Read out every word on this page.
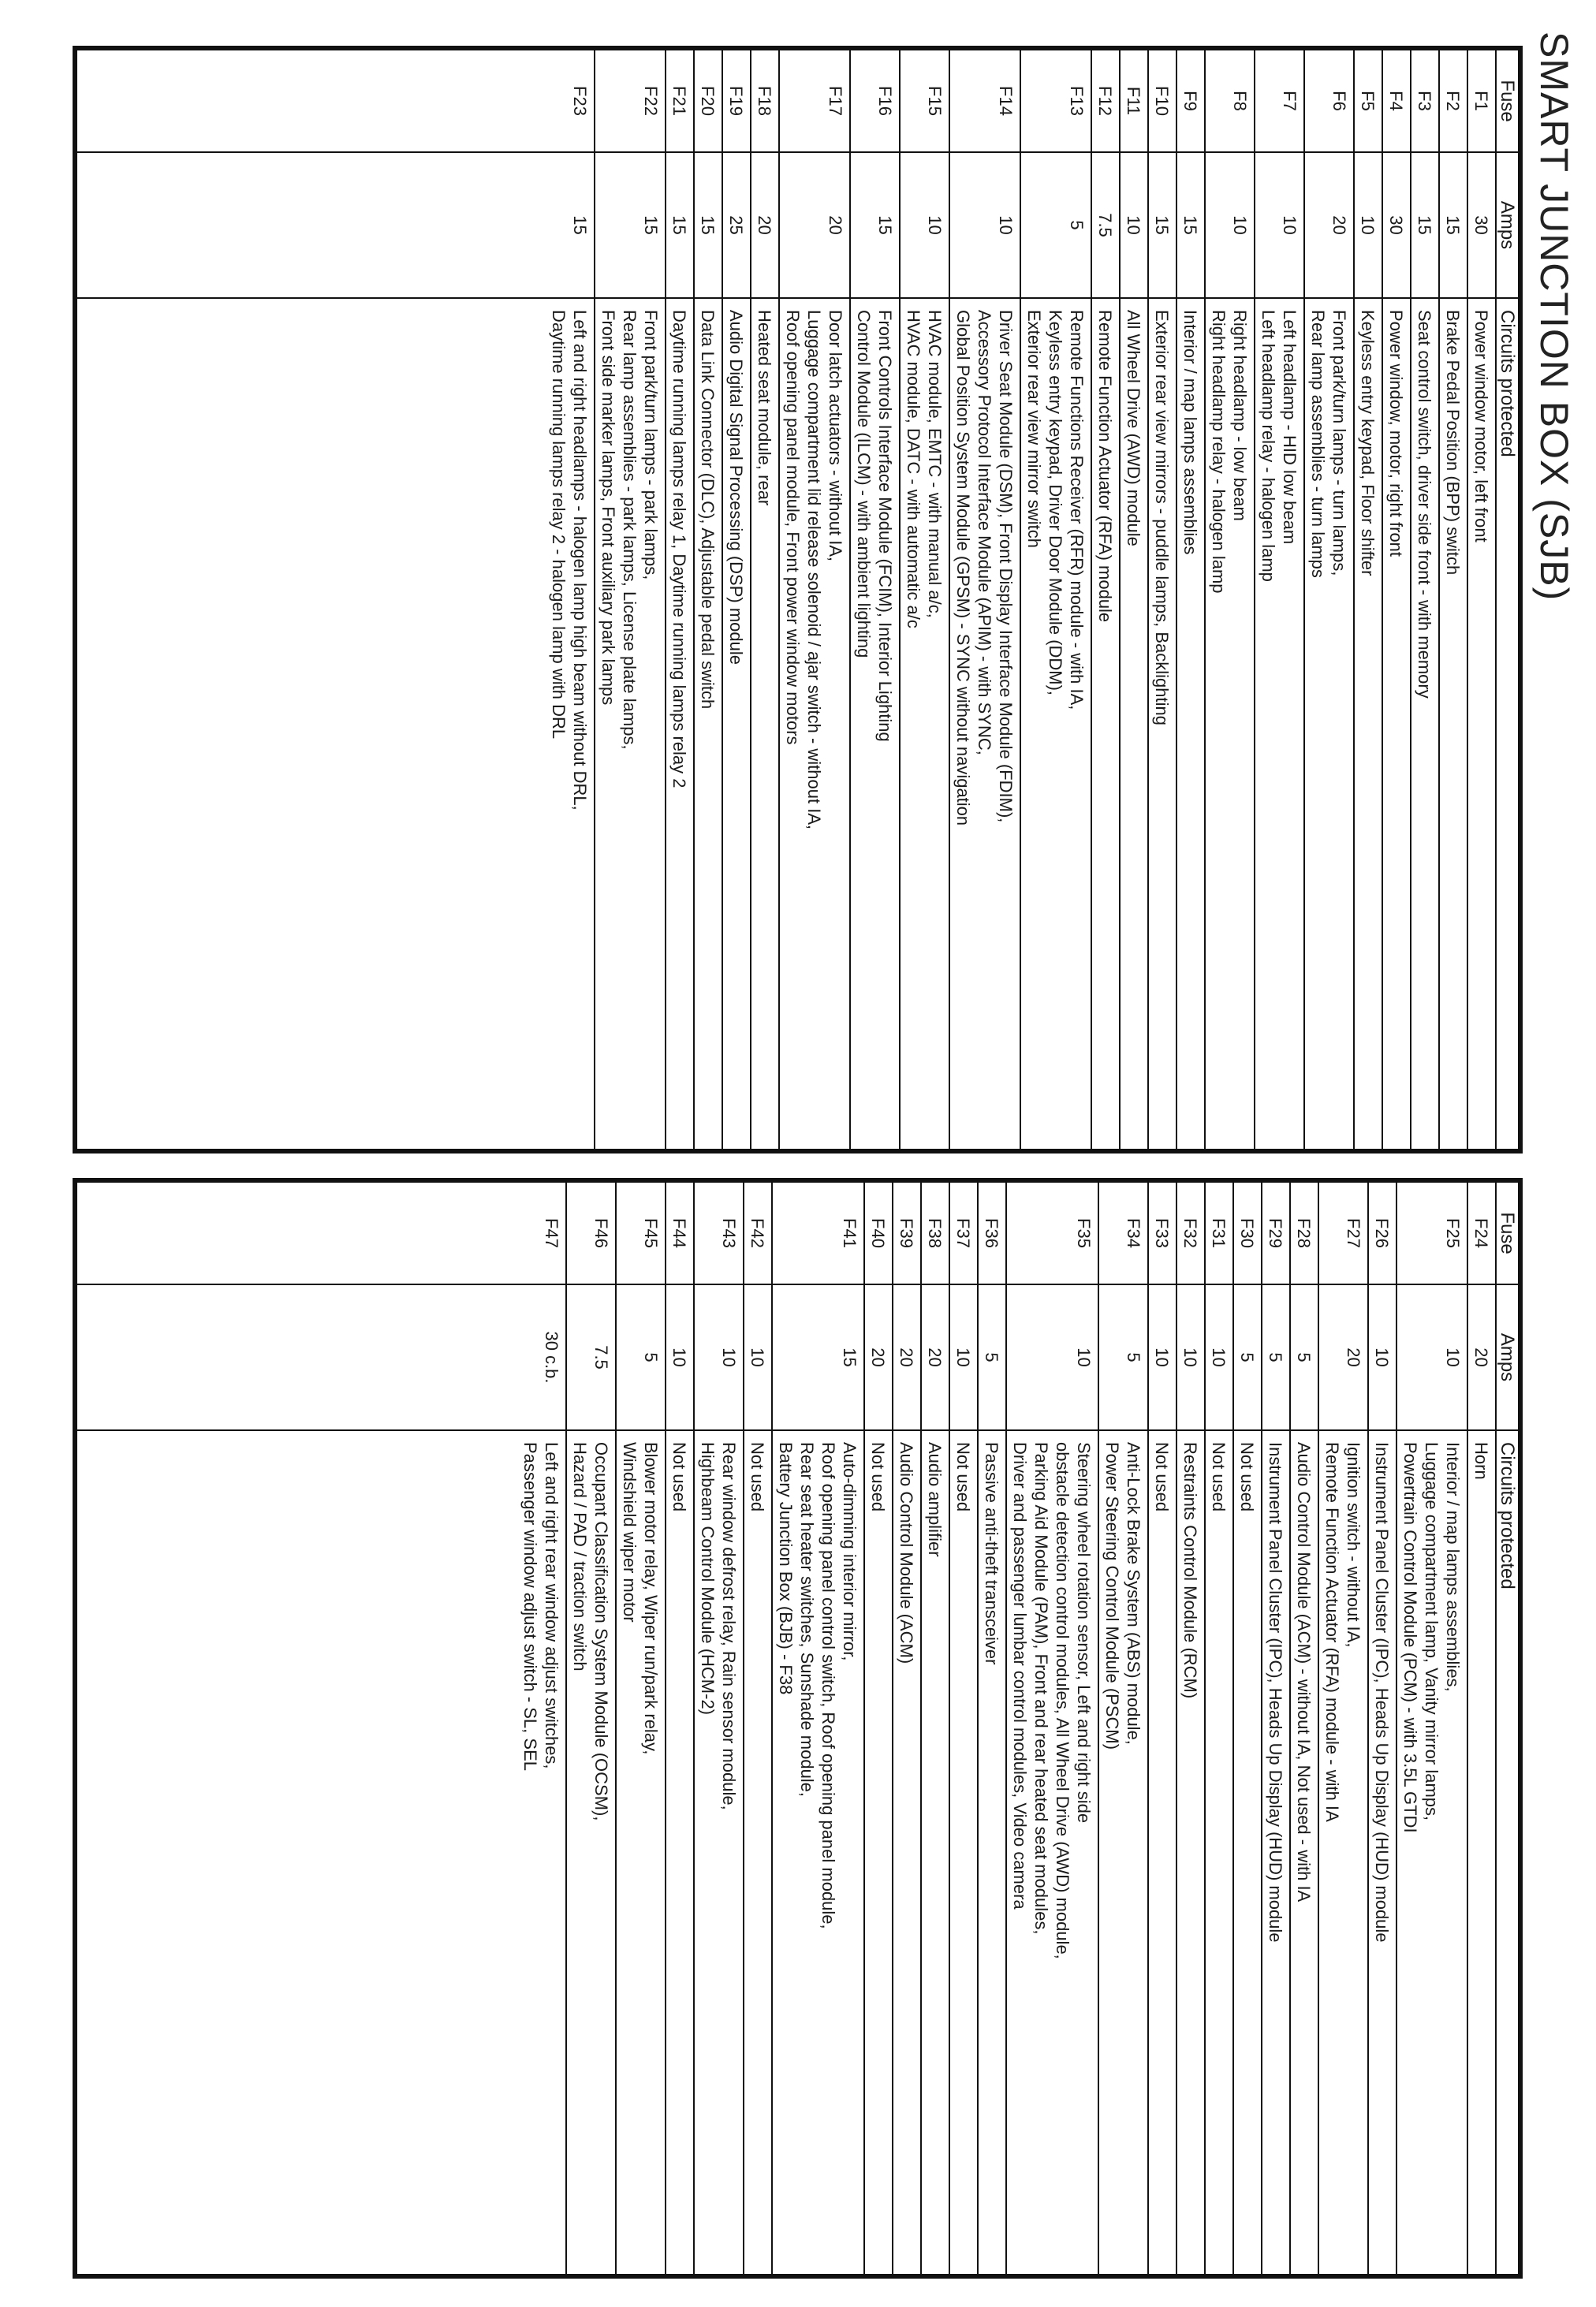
SMART JUNCTION BOX (SJB)
Fuse	Amps	Circuits protected
F1	30	Power window motor, left front

F2	15	Brake Pedal Position (BPP) switch

F3	15	Seat control switch, driver side front - with memory

F4	30	Power window, motor, right front

F5	10	Keyless entry keypad, Floor shifter

F6	20	Front park/turn lamps - turn lamps,
Rear lamp assemblies - turn lamps

F7	10	Left headlamp - HID low beam
Left headlamp relay - halogen lamp

F8	10	Right headlamp - low beam
Right headlamp relay - halogen lamp

F9	15	Interior / map lamps assemblies

F10	15	Exterior rear view mirrors - puddle lamps, Backlighting

F11	10	All Wheel Drive (AWD) module

F12	7.5	Remote Function Actuator (RFA) module

F13	5	Remote Functions Receiver (RFR) module - with IA,
Keyless entry keypad, Driver Door Module (DDM),
Exterior rear view mirror switch

F14	10	Driver Seat Module (DSM), Front Display Interface Module (FDIM),
Accessory Protocol Interface Module (APIM) - with SYNC,
Global Position System Module (GPSM) - SYNC without navigation

F15	10	HVAC module, EMTC - with manual a/c,
HVAC module, DATC - with automatic a/c

F16	15	Front Controls Interface Module (FCIM), Interior Lighting
Control Module (ILCM) - with ambient lighting

F17	20	Door latch actuators - without IA,
Luggage compartment lid release solenoid / ajar switch - without IA,
Roof opening panel module, Front power window motors

F18	20	Heated seat module, rear

F19	25	Audio Digital Signal Processing (DSP) module

F20	15	Data Link Connector (DLC), Adjustable pedal switch

F21	15	Daytime running lamps relay 1, Daytime running lamps relay 2

F22	15	Front park/turn lamps - park lamps,
Rear lamp assemblies - park lamps, License plate lamps,
Front side marker lamps, Front auxiliary park lamps

F23	15	Left and right headlamps - halogen lamp high beam without DRL,
Daytime running lamps relay 2 - halogen lamp with DRL
Fuse	Amps	Circuits protected
F24	20	Horn

F25	10	Interior / map lamps assemblies,
Luggage compartment lamp, Vanity mirror lamps,
Powertrain Control Module (PCM) - with 3.5L GTDI

F26	10	Instrument Panel Cluster (IPC), Heads Up Display (HUD) module

F27	20	Ignition switch - without IA,
Remote Function Actuator (RFA) module - with IA

F28	5	Audio Control Module (ACM) - without IA, Not used - with IA

F29	5	Instrument Panel Cluster (IPC), Heads Up Display (HUD) module

F30	5	Not used

F31	10	Not used

F32	10	Restraints Control Module (RCM)

F33	10	Not used

F34	5	Anti-Lock Brake System (ABS) module,
Power Steering Control Module (PSCM)

F35	10	Steering wheel rotation sensor, Left and right side
obstacle detection control modules, All Wheel Drive (AWD) module,
Parking Aid Module (PAM), Front and rear heated seat modules,
Driver and passenger lumbar control modules, Video camera

F36	5	Passive anti-theft transceiver

F37	10	Not used

F38	20	Audio amplifier

F39	20	Audio Control Module (ACM)

F40	20	Not used

F41	15	Auto-dimming interior mirror,
Roof opening panel control switch, Roof opening panel module,
Rear seat heater switches, Sunshade module,
Battery Junction Box (BJB) - F38

F42	10	Not used

F43	10	Rear window defrost relay, Rain sensor module,
Highbeam Control Module (HCM-2)

F44	10	Not used

F45	5	Blower motor relay, Wiper run/park relay,
Windshield wiper motor

F46	7.5	Occupant Classification System Module (OCSM),
Hazard / PAD / traction switch

F47	30 c.b.	Left and right rear window adjust switches,
Passenger window adjust switch - SL, SEL
